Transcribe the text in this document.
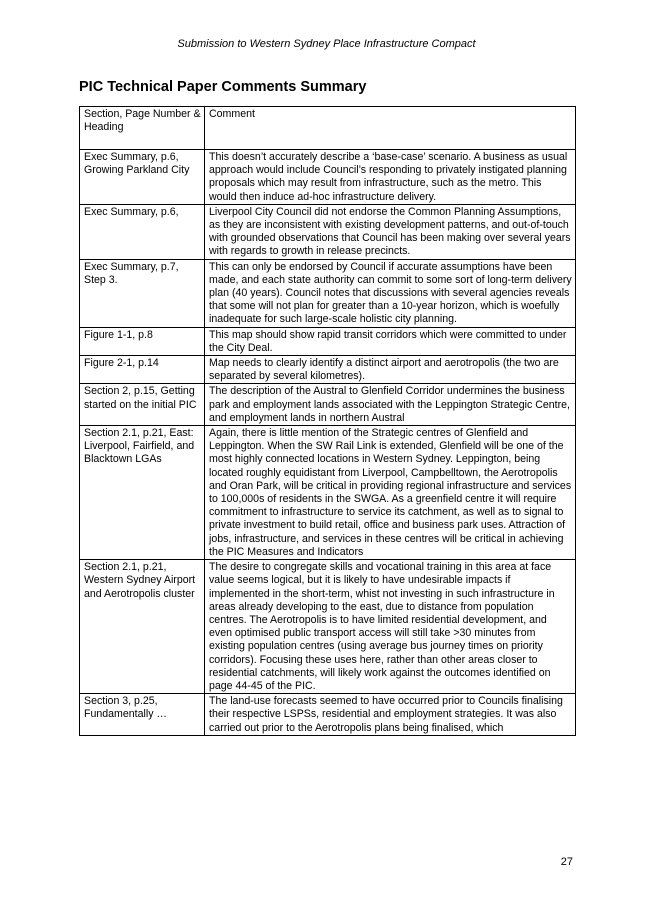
Submission to Western Sydney Place Infrastructure Compact
PIC Technical Paper Comments Summary
Section, Page Number & Heading	Comment
Exec Summary, p.6, Growing Parkland City	This doesn’t accurately describe a ‘base-case’ scenario. A business as usual approach would include Council’s responding to privately instigated planning proposals which may result from infrastructure, such as the metro. This would then induce ad-hoc infrastructure delivery.
Exec Summary, p.6,	Liverpool City Council did not endorse the Common Planning Assumptions, as they are inconsistent with existing development patterns, and out-of-touch with grounded observations that Council has been making over several years with regards to growth in release precincts.
Exec Summary, p.7, Step 3.	This can only be endorsed by Council if accurate assumptions have been made, and each state authority can commit to some sort of long-term delivery plan (40 years). Council notes that discussions with several agencies reveals that some will not plan for greater than a 10-year horizon, which is woefully inadequate for such large-scale holistic city planning.
Figure 1-1, p.8	This map should show rapid transit corridors which were committed to under the City Deal.
Figure 2-1, p.14	Map needs to clearly identify a distinct airport and aerotropolis (the two are separated by several kilometres).
Section 2, p.15, Getting started on the initial PIC	The description of the Austral to Glenfield Corridor undermines the business park and employment lands associated with the Leppington Strategic Centre, and employment lands in northern Austral
Section 2.1, p.21, East: Liverpool, Fairfield, and Blacktown LGAs	Again, there is little mention of the Strategic centres of Glenfield and Leppington. When the SW Rail Link is extended, Glenfield will be one of the most highly connected locations in Western Sydney. Leppington, being located roughly equidistant from Liverpool, Campbelltown, the Aerotropolis and Oran Park, will be critical in providing regional infrastructure and services to 100,000s of residents in the SWGA. As a greenfield centre it will require commitment to infrastructure to service its catchment, as well as to signal to private investment to build retail, office and business park uses. Attraction of jobs, infrastructure, and services in these centres will be critical in achieving the PIC Measures and Indicators
Section 2.1, p.21, Western Sydney Airport and Aerotropolis cluster	The desire to congregate skills and vocational training in this area at face value seems logical, but it is likely to have undesirable impacts if implemented in the short-term, whist not investing in such infrastructure in areas already developing to the east, due to distance from population centres. The Aerotropolis is to have limited residential development, and even optimised public transport access will still take >30 minutes from existing population centres (using average bus journey times on priority corridors). Focusing these uses here, rather than other areas closer to residential catchments, will likely work against the outcomes identified on page 44-45 of the PIC.
Section 3, p.25, Fundamentally …	The land-use forecasts seemed to have occurred prior to Councils finalising their respective LSPSs, residential and employment strategies. It was also carried out prior to the Aerotropolis plans being finalised, which
27
